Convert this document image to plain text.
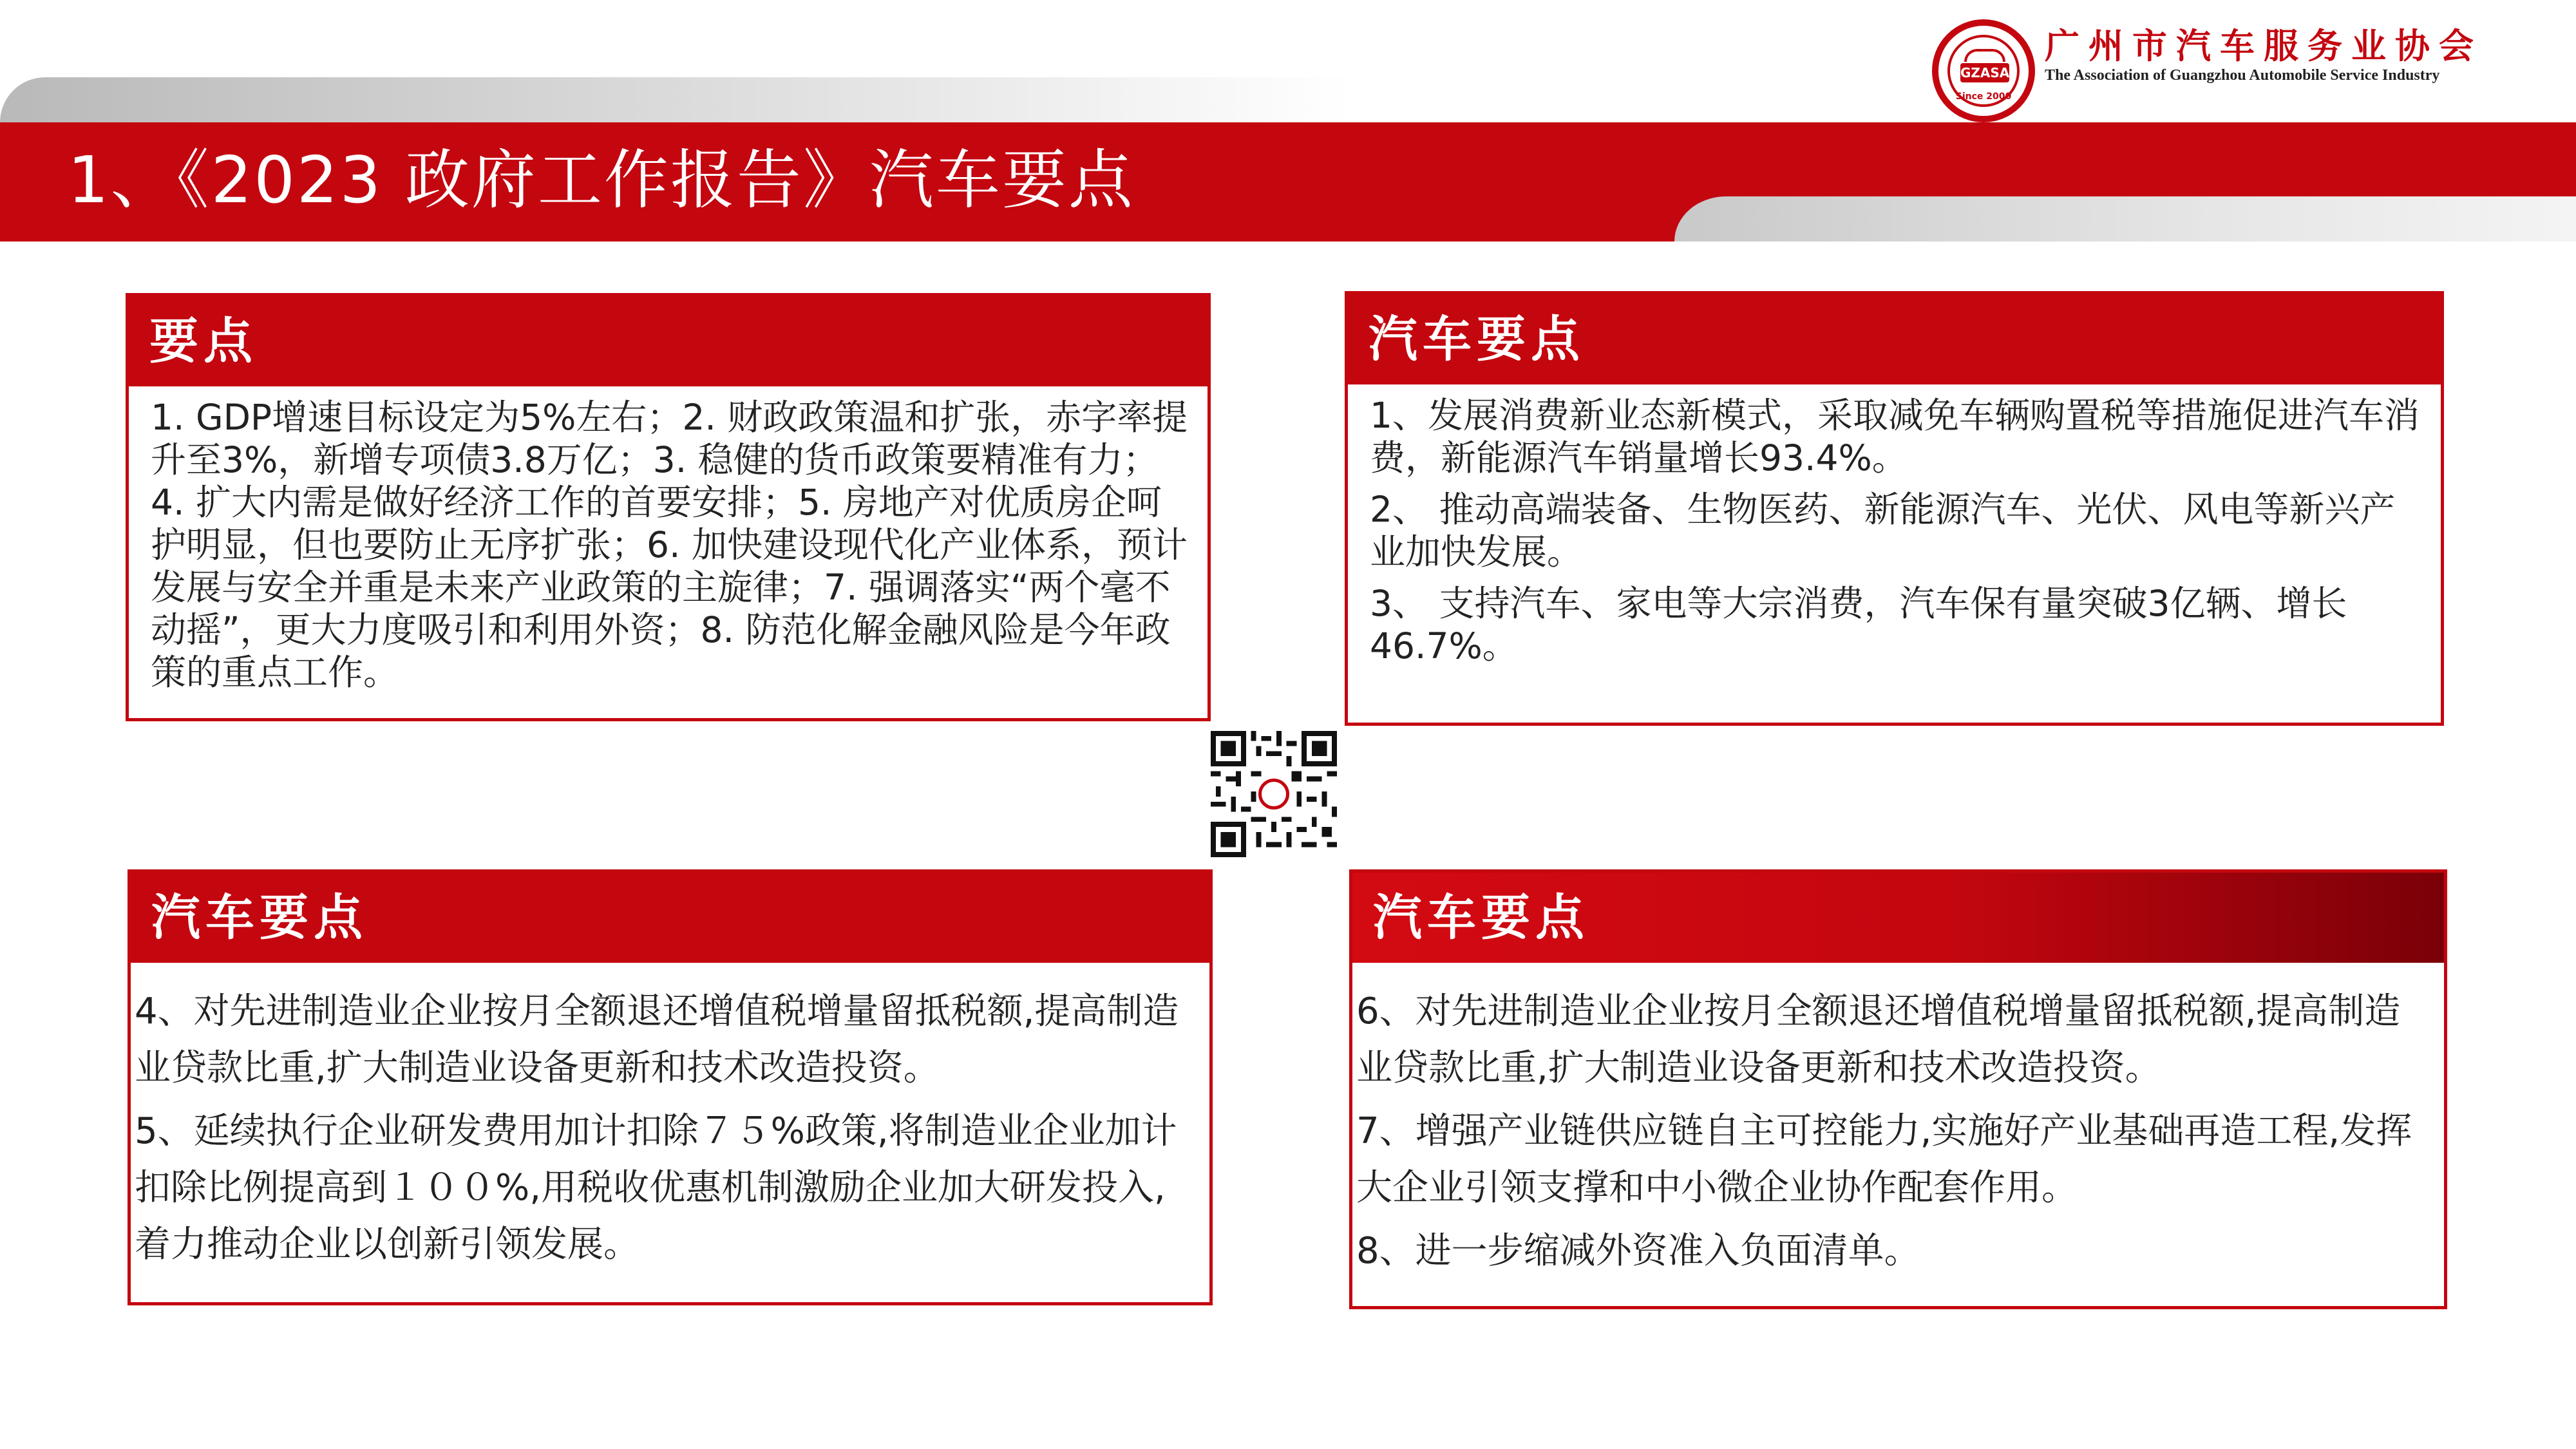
1、《2023 政府工作报告》汽车要点
GZASA
Since 2000
广州市汽车服务业协会
The Association of Guangzhou Automobile Service Industry
要点

1. GDP增速目标设定为5%左右；2. 财政政策温和扩张，赤字率提升至3%，新增专项债3.8万亿；3. 稳健的货币政策要精准有力；4. 扩大内需是做好经济工作的首要安排；5. 房地产对优质房企呵护明显，但也要防止无序扩张；6. 加快建设现代化产业体系，预计发展与安全并重是未来产业政策的主旋律；7. 强调落实“两个毫不动摇”，更大力度吸引和利用外资；8. 防范化解金融风险是今年政策的重点工作。

汽车要点

1、发展消费新业态新模式，采取减免车辆购置税等措施促进汽车消费，新能源汽车销量增长93.4%。

2、 推动高端装备、生物医药、新能源汽车、光伏、风电等新兴产业加快发展。

3、 支持汽车、家电等大宗消费，汽车保有量突破3亿辆、增长46.7%。

汽车要点

4、对先进制造业企业按月全额退还增值税增量留抵税额,提高制造业贷款比重,扩大制造业设备更新和技术改造投资。

5、延续执行企业研发费用加计扣除７５%政策,将制造业企业加计扣除比例提高到１００%,用税收优惠机制激励企业加大研发投入,着力推动企业以创新引领发展。

汽车要点

6、对先进制造业企业按月全额退还增值税增量留抵税额,提高制造业贷款比重,扩大制造业设备更新和技术改造投资。

7、增强产业链供应链自主可控能力,实施好产业基础再造工程,发挥大企业引领支撑和中小微企业协作配套作用。

8、进一步缩减外资准入负面清单。
